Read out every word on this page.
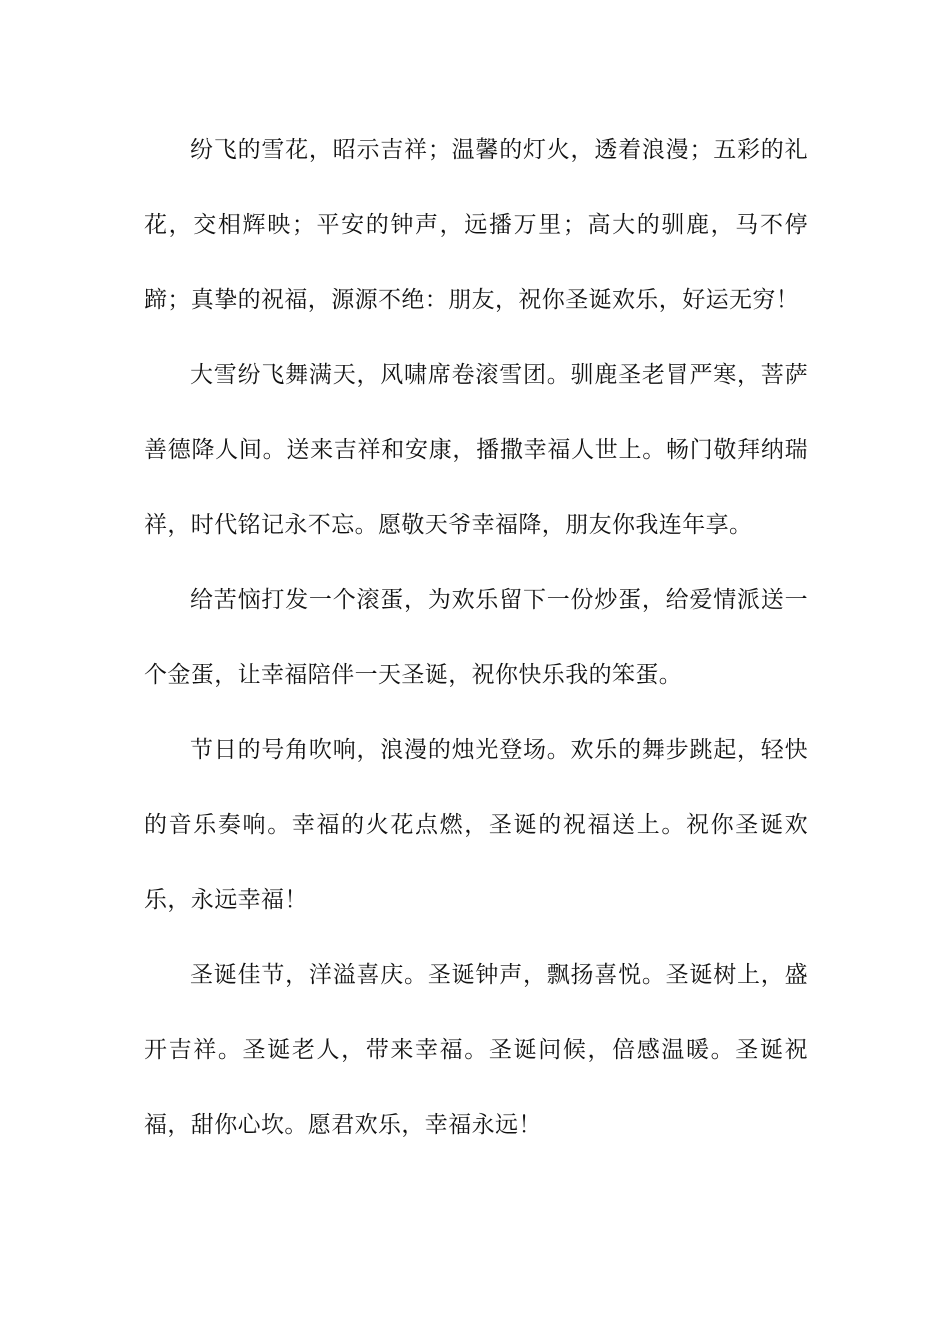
纷飞的雪花，昭示吉祥；温馨的灯火，透着浪漫；五彩的礼花，交相辉映；平安的钟声，远播万里；高大的驯鹿，马不停蹄；真挚的祝福，源源不绝：朋友，祝你圣诞欢乐，好运无穷！

大雪纷飞舞满天，风啸席卷滚雪团。驯鹿圣老冒严寒，菩萨善德降人间。送来吉祥和安康，播撒幸福人世上。畅门敬拜纳瑞祥，时代铭记永不忘。愿敬天爷幸福降，朋友你我连年享。

给苦恼打发一个滚蛋，为欢乐留下一份炒蛋，给爱情派送一个金蛋，让幸福陪伴一天圣诞，祝你快乐我的笨蛋。

节日的号角吹响，浪漫的烛光登场。欢乐的舞步跳起，轻快的音乐奏响。幸福的火花点燃，圣诞的祝福送上。祝你圣诞欢乐，永远幸福！

圣诞佳节，洋溢喜庆。圣诞钟声，飘扬喜悦。圣诞树上，盛开吉祥。圣诞老人，带来幸福。圣诞问候，倍感温暖。圣诞祝福，甜你心坎。愿君欢乐，幸福永远！
